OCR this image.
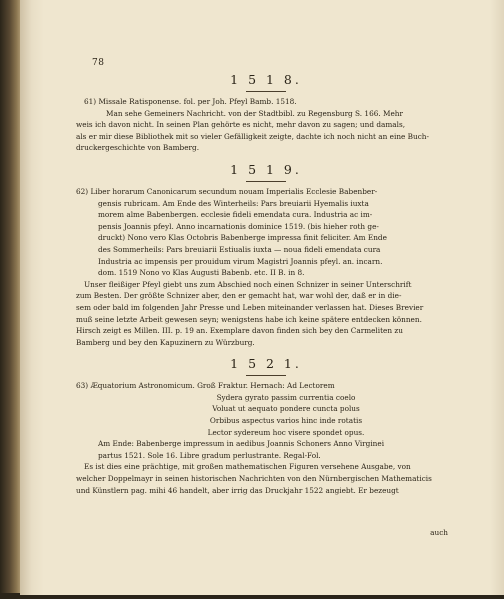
78
1 5 1 8.

61) Missale Ratisponense. fol. per Joh. Pfeyl Bamb. 1518.

Man sehe Gemeiners Nachricht. von der Stadtbibl. zu Regensburg S. 166. Mehr

weis ich davon nicht. In seinen Plan gehörte es nicht, mehr davon zu sagen; und damals,

als er mir diese Bibliothek mit so vieler Gefälligkeit zeigte, dachte ich noch nicht an eine Buch-

druckergeschichte von Bamberg.

1 5 1 9.

62) Liber horarum Canonicarum secundum nouam Imperialis Ecclesie Babenber-

gensis rubricam. Am Ende des Winterheils: Pars breuiarii Hyemalis iuxta

morem alme Babenbergen. ecclesie fideli emendata cura. Industria ac im-

pensis Joannis pfeyl. Anno incarnationis dominice 1519. (bis hieher roth ge-

druckt) Nono vero Klas Octobris Babenberge impressa finit feliciter. Am Ende

des Sommerheils: Pars breuiarii Estiualis iuxta — noua fideli emendata cura

Industria ac impensis per prouidum virum Magistri Joannis pfeyl. an. incarn.

dom. 1519 Nono vo Klas Augusti Babenb. etc. II B. in 8.

Unser fleißiger Pfeyl giebt uns zum Abschied noch einen Schnizer in seiner Unterschrift

zum Besten. Der größte Schnizer aber, den er gemacht hat, war wohl der, daß er in die-

sem oder bald im folgenden Jahr Presse und Leben miteinander verlassen hat. Dieses Brevier

muß seine letzte Arbeit gewesen seyn; wenigstens habe ich keine spätere entdecken können.

Hirsch zeigt es Millen. III. p. 19 an. Exemplare davon finden sich bey den Carmeliten zu

Bamberg und bey den Kapuzinern zu Würzburg.

1 5 2 1.

63) Æquatorium Astronomicum. Groß Fraktur. Hernach: Ad Lectorem

Sydera gyrato passim currentia coelo

Voluat ut aequato pondere cuncta polus

Orbibus aspectus varios hinc inde rotatis

Lector sydereum hoc visere spondet opus.

Am Ende: Babenberge impressum in aedibus Joannis Schoners Anno Virginei

partus 1521. Sole 16. Libre gradum perlustrante. Regal-Fol.

Es ist dies eine prächtige, mit großen mathematischen Figuren versehene Ausgabe, von

welcher Doppelmayr in seinen historischen Nachrichten von den Nürnbergischen Mathematicis

und Künstlern pag. mihi 46 handelt, aber irrig das Druckjahr 1522 angiebt. Er bezeugt

auch
